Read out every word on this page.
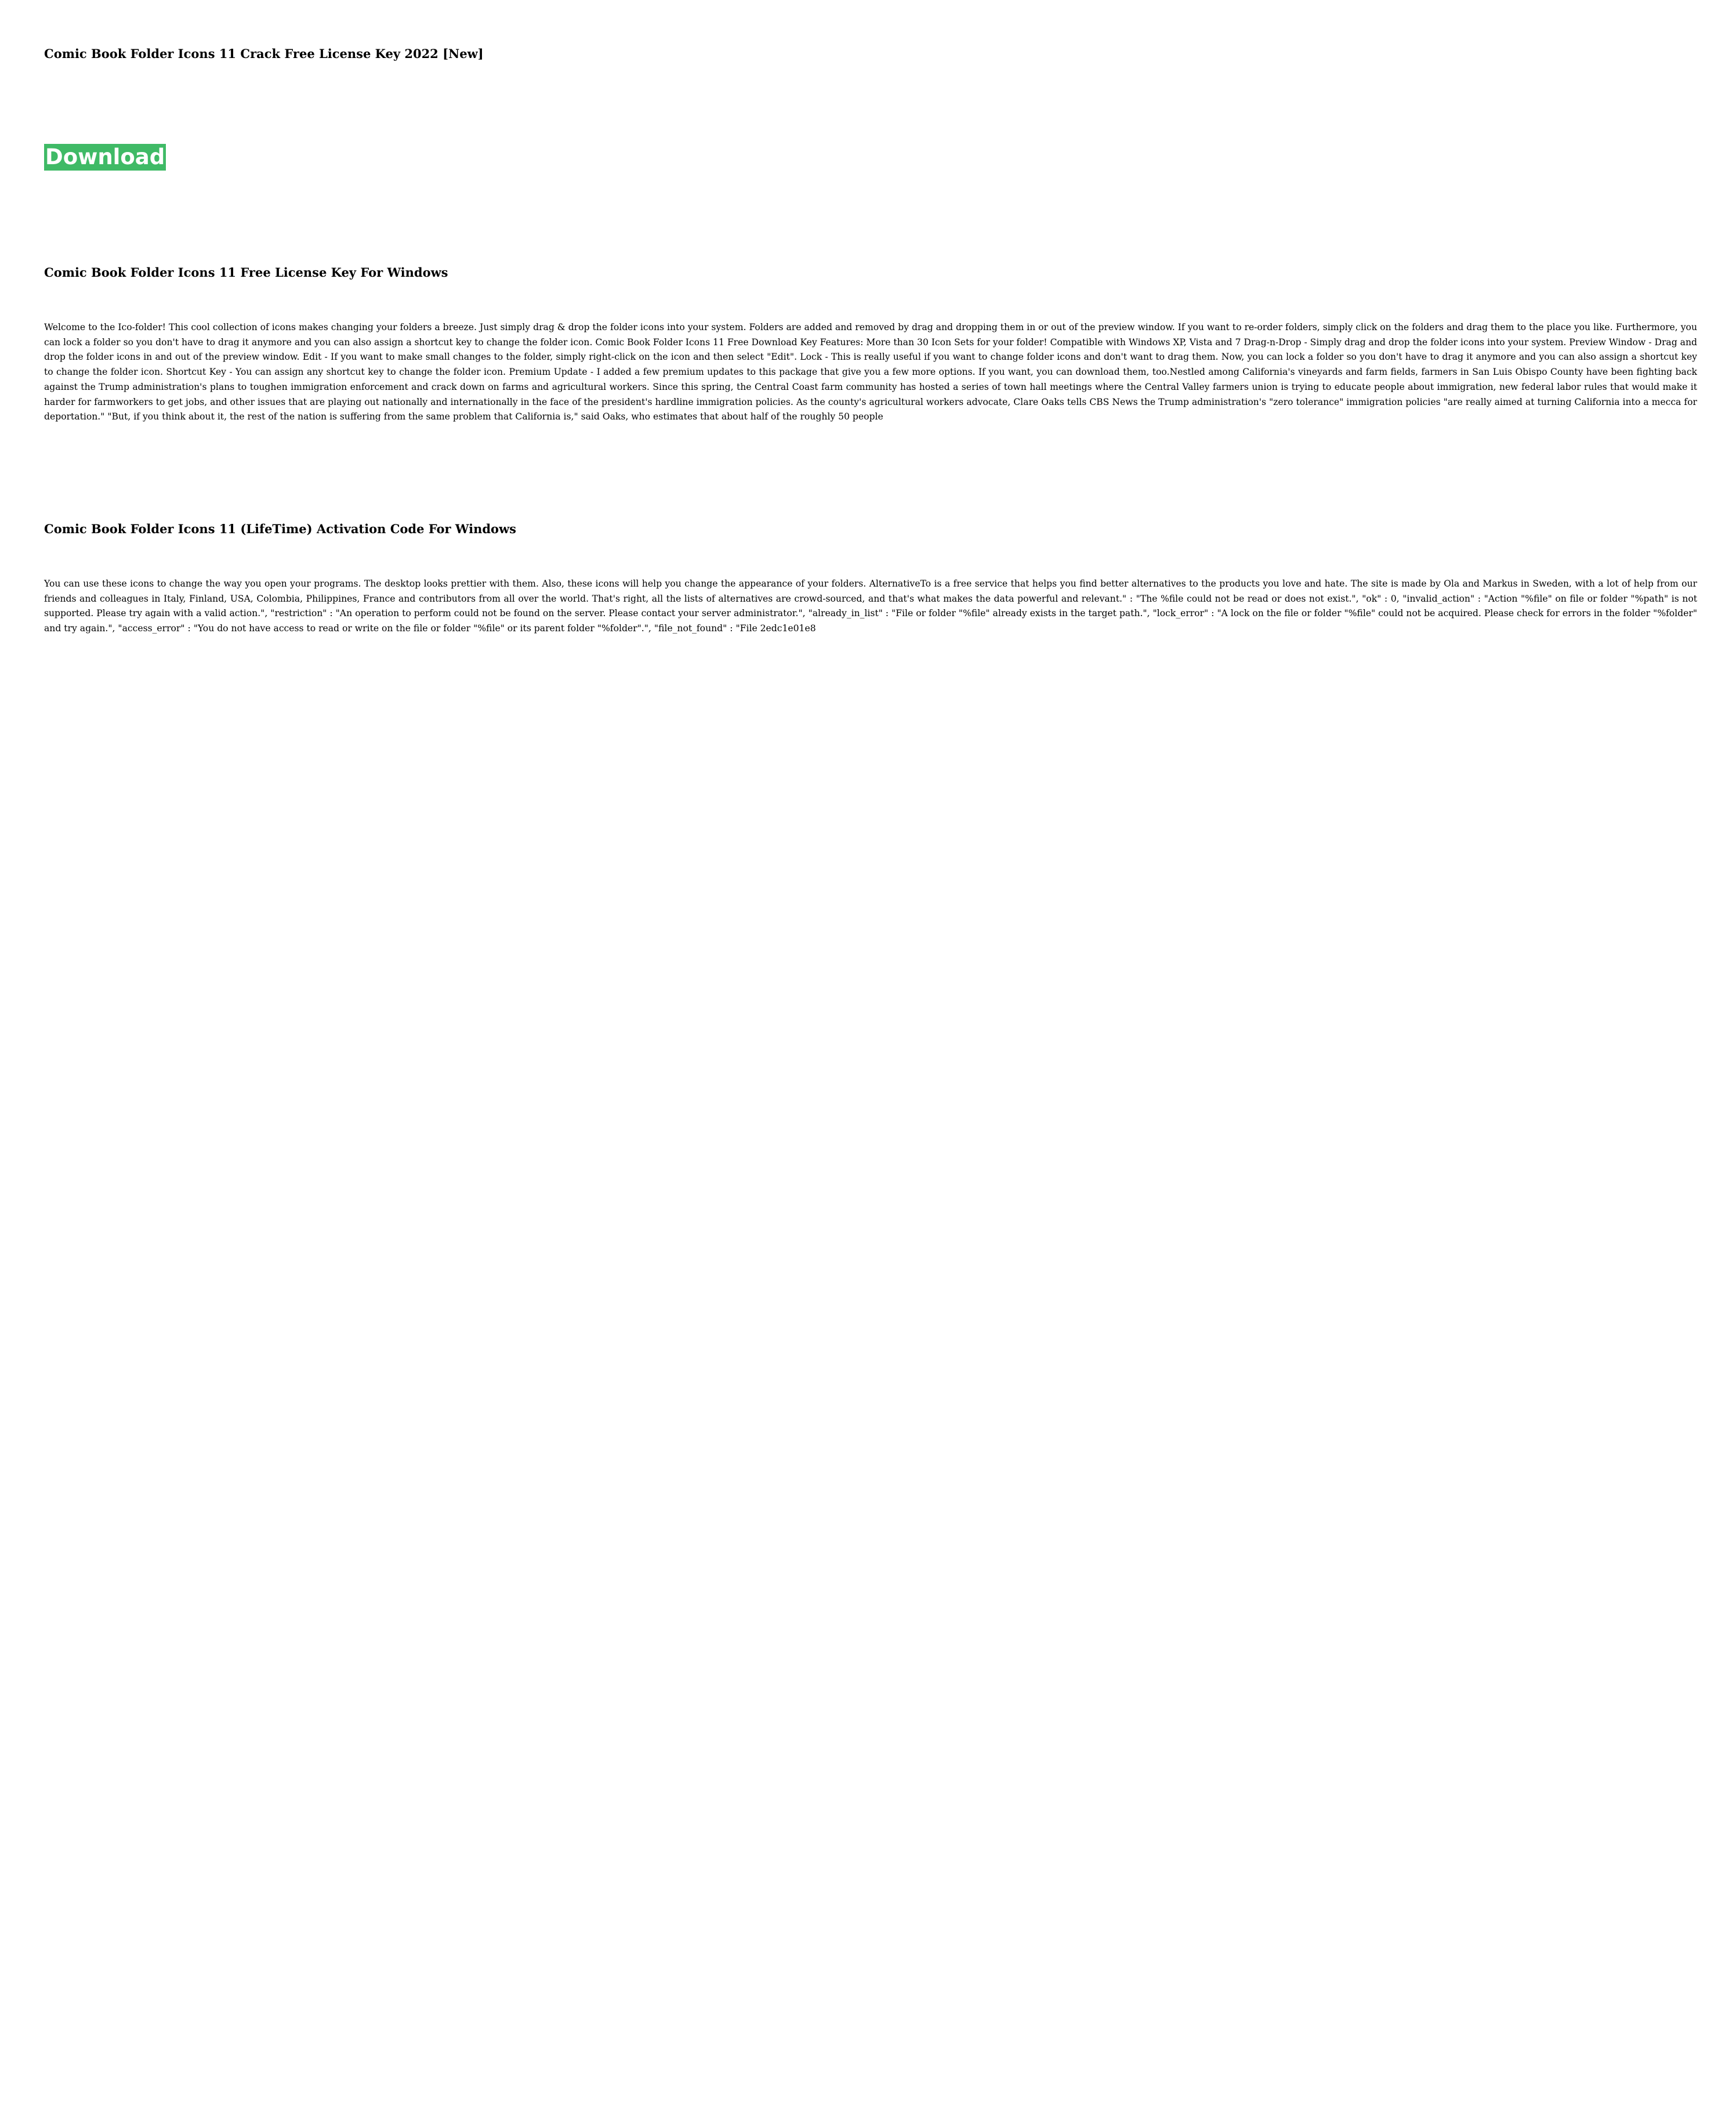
Comic Book Folder Icons 11 Crack Free License Key 2022 [New]
Download
Comic Book Folder Icons 11 Free License Key For Windows

Welcome to the Ico-folder! This cool collection of icons makes changing your folders a breeze. Just simply drag & drop the folder icons into your system. Folders are added and removed by drag and dropping them in or out of the preview window. If you want to re-order folders, simply click on the folders and drag them to the place you like. Furthermore, you can lock a folder so you don't have to drag it anymore and you can also assign a shortcut key to change the folder icon. Comic Book Folder Icons 11 Free Download Key Features: More than 30 Icon Sets for your folder! Compatible with Windows XP, Vista and 7 Drag-n-Drop - Simply drag and drop the folder icons into your system. Preview Window - Drag and drop the folder icons in and out of the preview window. Edit - If you want to make small changes to the folder, simply right-click on the icon and then select "Edit". Lock - This is really useful if you want to change folder icons and don't want to drag them. Now, you can lock a folder so you don't have to drag it anymore and you can also assign a shortcut key to change the folder icon. Shortcut Key - You can assign any shortcut key to change the folder icon. Premium Update - I added a few premium updates to this package that give you a few more options. If you want, you can download them, too.Nestled among California's vineyards and farm fields, farmers in San Luis Obispo County have been fighting back against the Trump administration's plans to toughen immigration enforcement and crack down on farms and agricultural workers. Since this spring, the Central Coast farm community has hosted a series of town hall meetings where the Central Valley farmers union is trying to educate people about immigration, new federal labor rules that would make it harder for farmworkers to get jobs, and other issues that are playing out nationally and internationally in the face of the president's hardline immigration policies. As the county's agricultural workers advocate, Clare Oaks tells CBS News the Trump administration's "zero tolerance" immigration policies "are really aimed at turning California into a mecca for deportation." "But, if you think about it, the rest of the nation is suffering from the same problem that California is," said Oaks, who estimates that about half of the roughly 50 people

Comic Book Folder Icons 11 (LifeTime) Activation Code For Windows

You can use these icons to change the way you open your programs. The desktop looks prettier with them. Also, these icons will help you change the appearance of your folders. AlternativeTo is a free service that helps you find better alternatives to the products you love and hate. The site is made by Ola and Markus in Sweden, with a lot of help from our friends and colleagues in Italy, Finland, USA, Colombia, Philippines, France and contributors from all over the world. That's right, all the lists of alternatives are crowd-sourced, and that's what makes the data powerful and relevant." : "The %file could not be read or does not exist.", "ok" : 0, "invalid_action" : "Action "%file" on file or folder "%path" is not supported. Please try again with a valid action.", "restriction" : "An operation to perform could not be found on the server. Please contact your server administrator.", "already_in_list" : "File or folder "%file" already exists in the target path.", "lock_error" : "A lock on the file or folder "%file" could not be acquired. Please check for errors in the folder "%folder" and try again.", "access_error" : "You do not have access to read or write on the file or folder "%file" or its parent folder "%folder".", "file_not_found" : "File 2edc1e01e8
